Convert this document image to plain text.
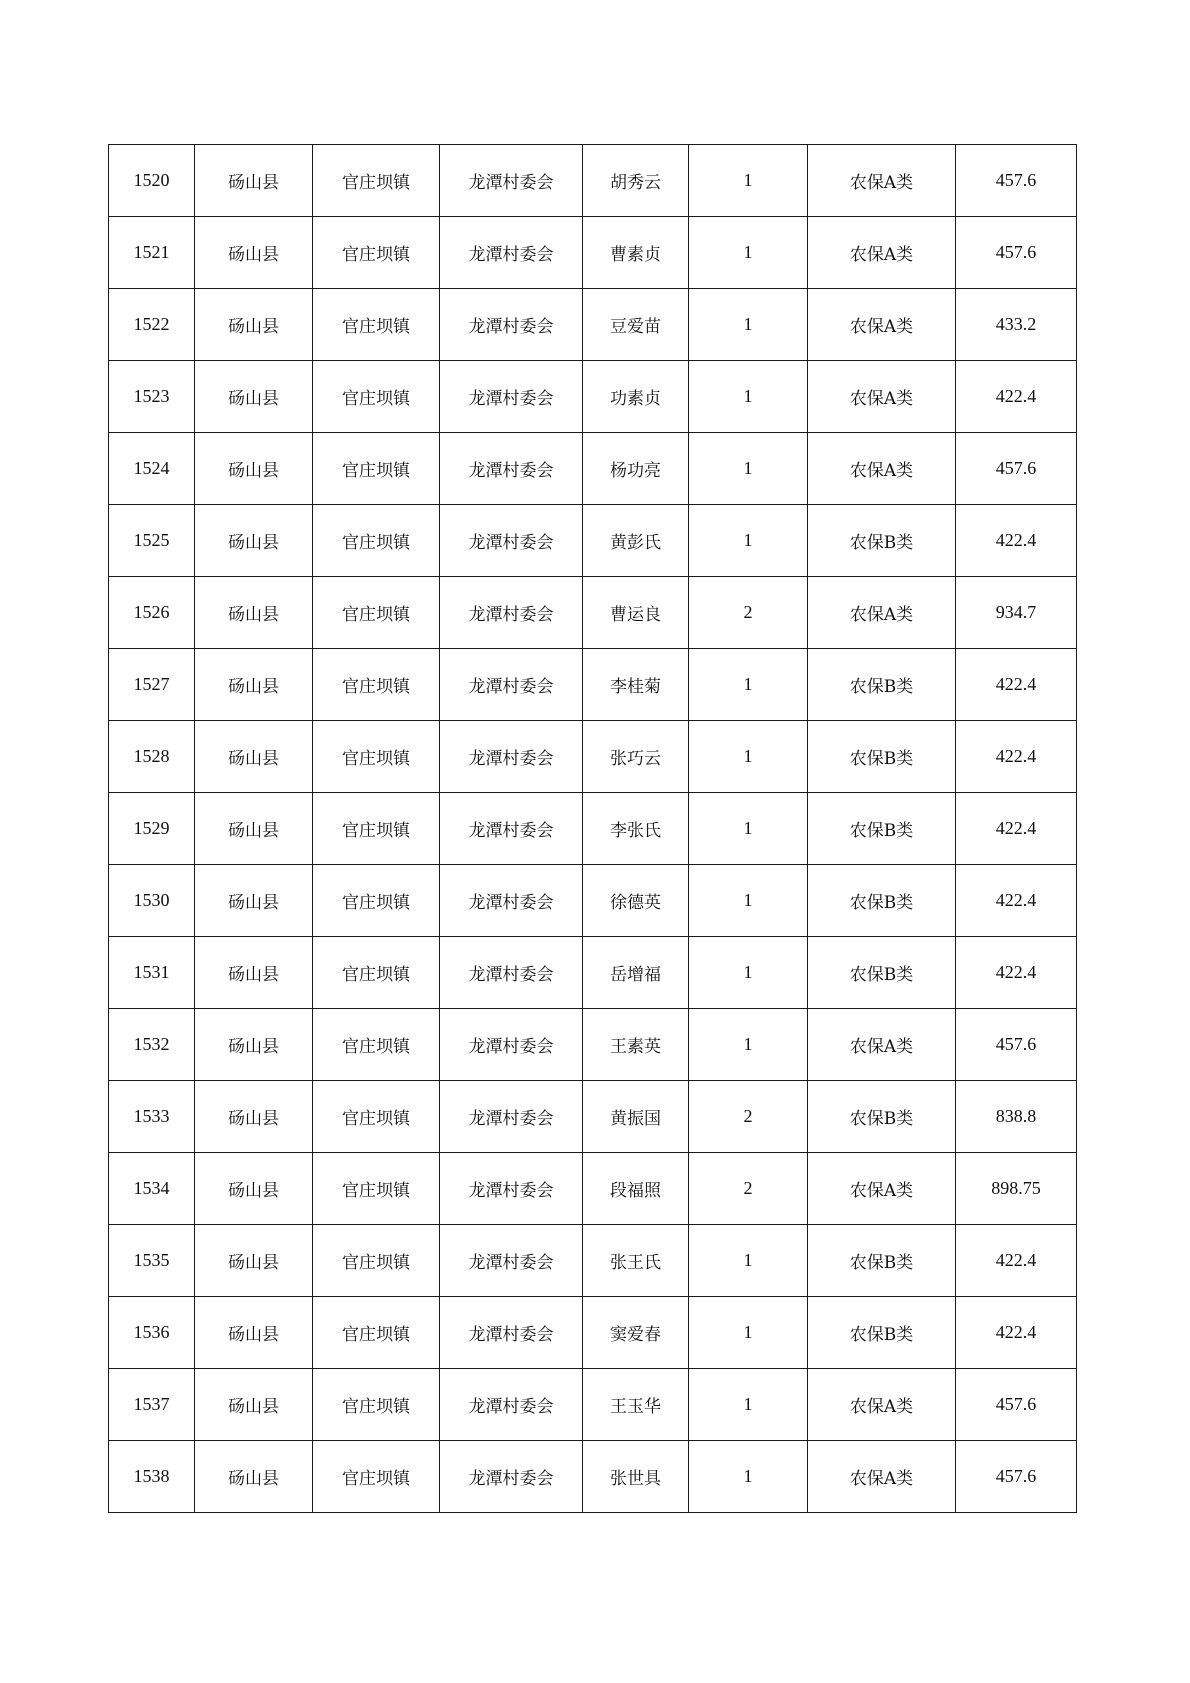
1520	砀山县	官庄坝镇	龙潭村委会	胡秀云	1	农保A类	457.6
1521	砀山县	官庄坝镇	龙潭村委会	曹素贞	1	农保A类	457.6
1522	砀山县	官庄坝镇	龙潭村委会	豆爱苗	1	农保A类	433.2
1523	砀山县	官庄坝镇	龙潭村委会	功素贞	1	农保A类	422.4
1524	砀山县	官庄坝镇	龙潭村委会	杨功亮	1	农保A类	457.6
1525	砀山县	官庄坝镇	龙潭村委会	黄彭氏	1	农保B类	422.4
1526	砀山县	官庄坝镇	龙潭村委会	曹运良	2	农保A类	934.7
1527	砀山县	官庄坝镇	龙潭村委会	李桂菊	1	农保B类	422.4
1528	砀山县	官庄坝镇	龙潭村委会	张巧云	1	农保B类	422.4
1529	砀山县	官庄坝镇	龙潭村委会	李张氏	1	农保B类	422.4
1530	砀山县	官庄坝镇	龙潭村委会	徐德英	1	农保B类	422.4
1531	砀山县	官庄坝镇	龙潭村委会	岳增福	1	农保B类	422.4
1532	砀山县	官庄坝镇	龙潭村委会	王素英	1	农保A类	457.6
1533	砀山县	官庄坝镇	龙潭村委会	黄振国	2	农保B类	838.8
1534	砀山县	官庄坝镇	龙潭村委会	段福照	2	农保A类	898.75
1535	砀山县	官庄坝镇	龙潭村委会	张王氏	1	农保B类	422.4
1536	砀山县	官庄坝镇	龙潭村委会	窦爱春	1	农保B类	422.4
1537	砀山县	官庄坝镇	龙潭村委会	王玉华	1	农保A类	457.6
1538	砀山县	官庄坝镇	龙潭村委会	张世具	1	农保A类	457.6
